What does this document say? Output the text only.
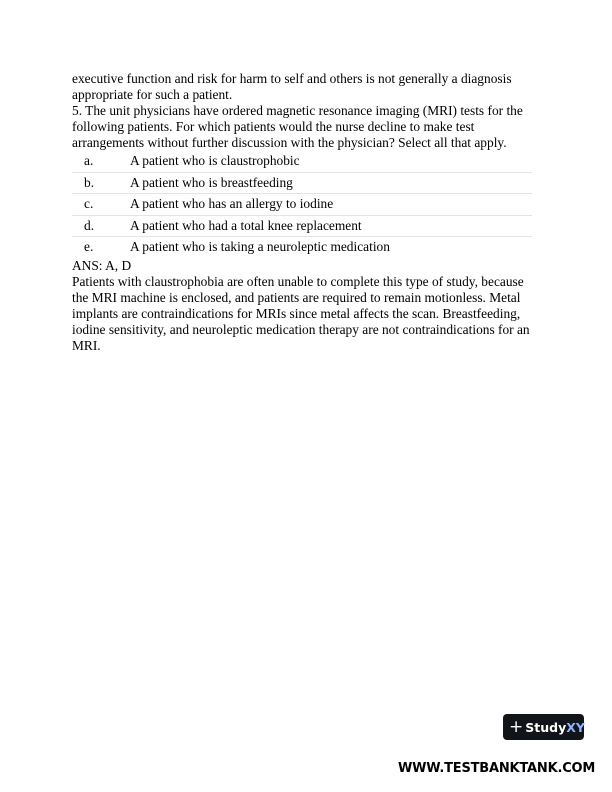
executive function and risk for harm to self and others is not generally a diagnosis

appropriate for such a patient.

5. The unit physicians have ordered magnetic resonance imaging (MRI) tests for the

following patients. For which patients would the nurse decline to make test

arrangements without further discussion with the physician? Select all that apply.

a.	A patient who is claustrophobic
b.	A patient who is breastfeeding
c.	A patient who has an allergy to iodine
d.	A patient who had a total knee replacement
e.	A patient who is taking a neuroleptic medication

ANS: A, D

Patients with claustrophobia are often unable to complete this type of study, because

the MRI machine is enclosed, and patients are required to remain motionless. Metal

implants are contraindications for MRIs since metal affects the scan. Breastfeeding,

iodine sensitivity, and neuroleptic medication therapy are not contraindications for an

MRI.

+ StudyXY
WWW.TESTBANKTANK.COM
